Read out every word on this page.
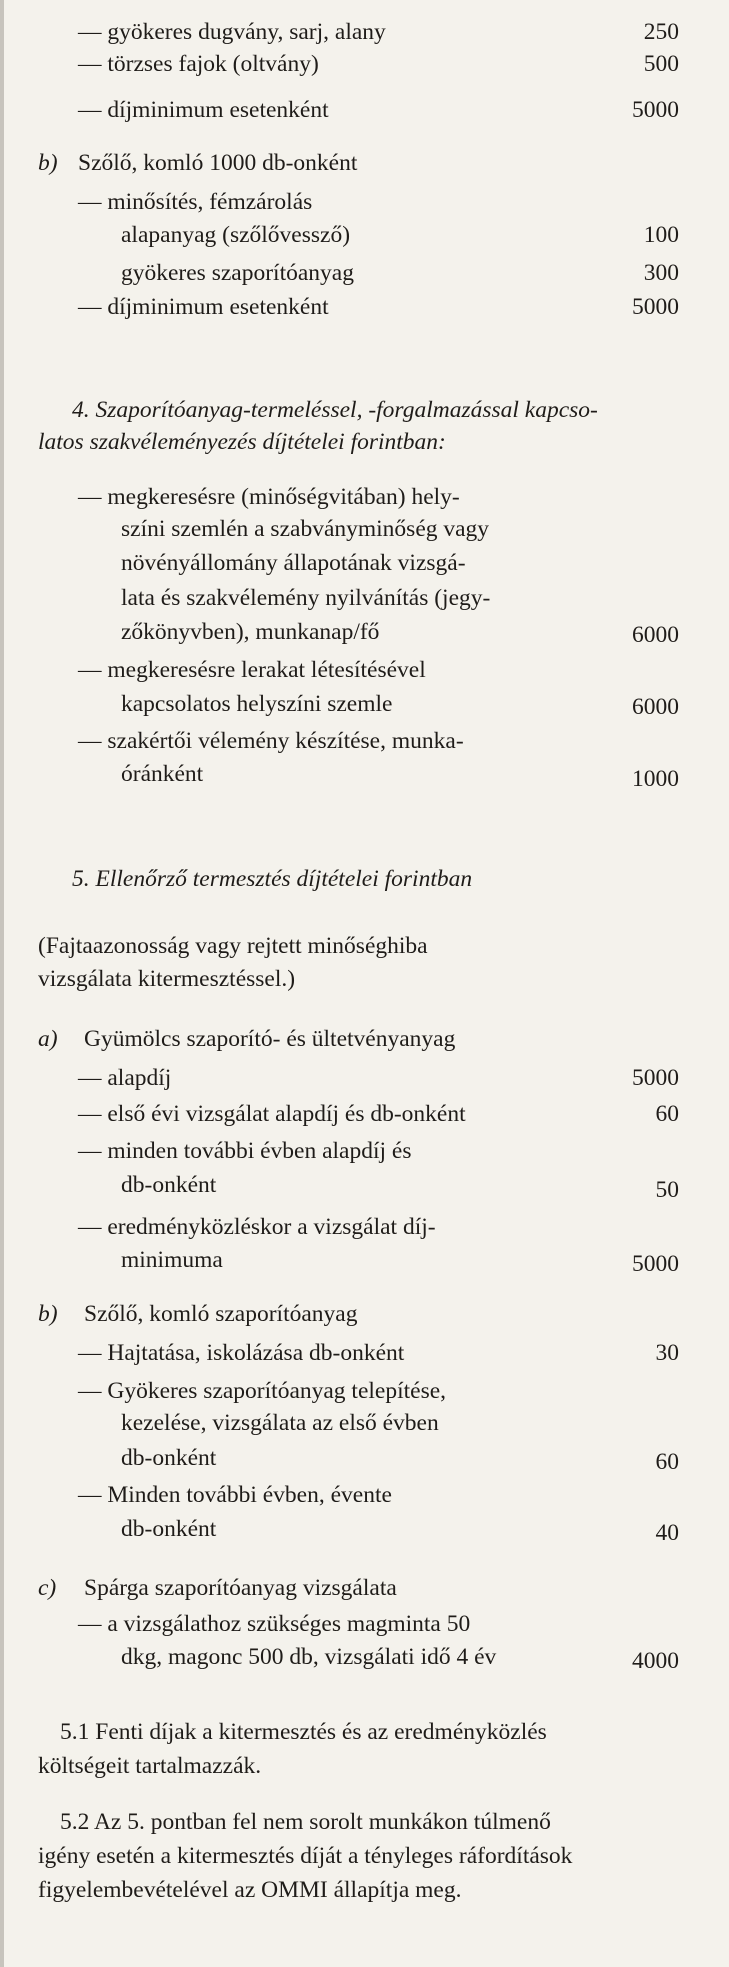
— gyökeres dugvány, sarj, alany	250
— törzses fajok (oltvány)	500
— díjminimum esetenként	5000
b) Szőlő, komló 1000 db-onként
— minősítés, fémzárolás
alapanyag (szőlővessző)	100
gyökeres szaporítóanyag	300
— díjminimum esetenként	5000
4. Szaporítóanyag-termeléssel, -forgalmazással kapcso-
latos szakvéleményezés díjtételei forintban:
— megkeresésre (minőségvitában) hely-
színi szemlén a szabványminőség vagy
növényállomány állapotának vizsgá-
lata és szakvélemény nyilvánítás (jegy-
zőkönyvben), munkanap/fő	6000
— megkeresésre lerakat létesítésével
kapcsolatos helyszíni szemle	6000
— szakértői vélemény készítése, munka-
óránként	1000
5. Ellenőrző termesztés díjtételei forintban
(Fajtaazonosság vagy rejtett minőséghiba
vizsgálata kitermesztéssel.)
a) Gyümölcs szaporító- és ültetvényanyag
— alapdíj	5000
— első évi vizsgálat alapdíj és db-onként	60
— minden további évben alapdíj és
db-onként	50
— eredményközléskor a vizsgálat díj-
minimuma	5000
b) Szőlő, komló szaporítóanyag
— Hajtatása, iskolázása db-onként	30
— Gyökeres szaporítóanyag telepítése,
kezelése, vizsgálata az első évben
db-onként	60
— Minden további évben, évente
db-onként	40
c) Spárga szaporítóanyag vizsgálata
— a vizsgálathoz szükséges magminta 50
dkg, magonc 500 db, vizsgálati idő 4 év	4000
5.1 Fenti díjak a kitermesztés és az eredményközlés
költségeit tartalmazzák.
5.2 Az 5. pontban fel nem sorolt munkákon túlmenő
igény esetén a kitermesztés díját a tényleges ráfordítások
figyelembevételével az OMMI állapítja meg.
